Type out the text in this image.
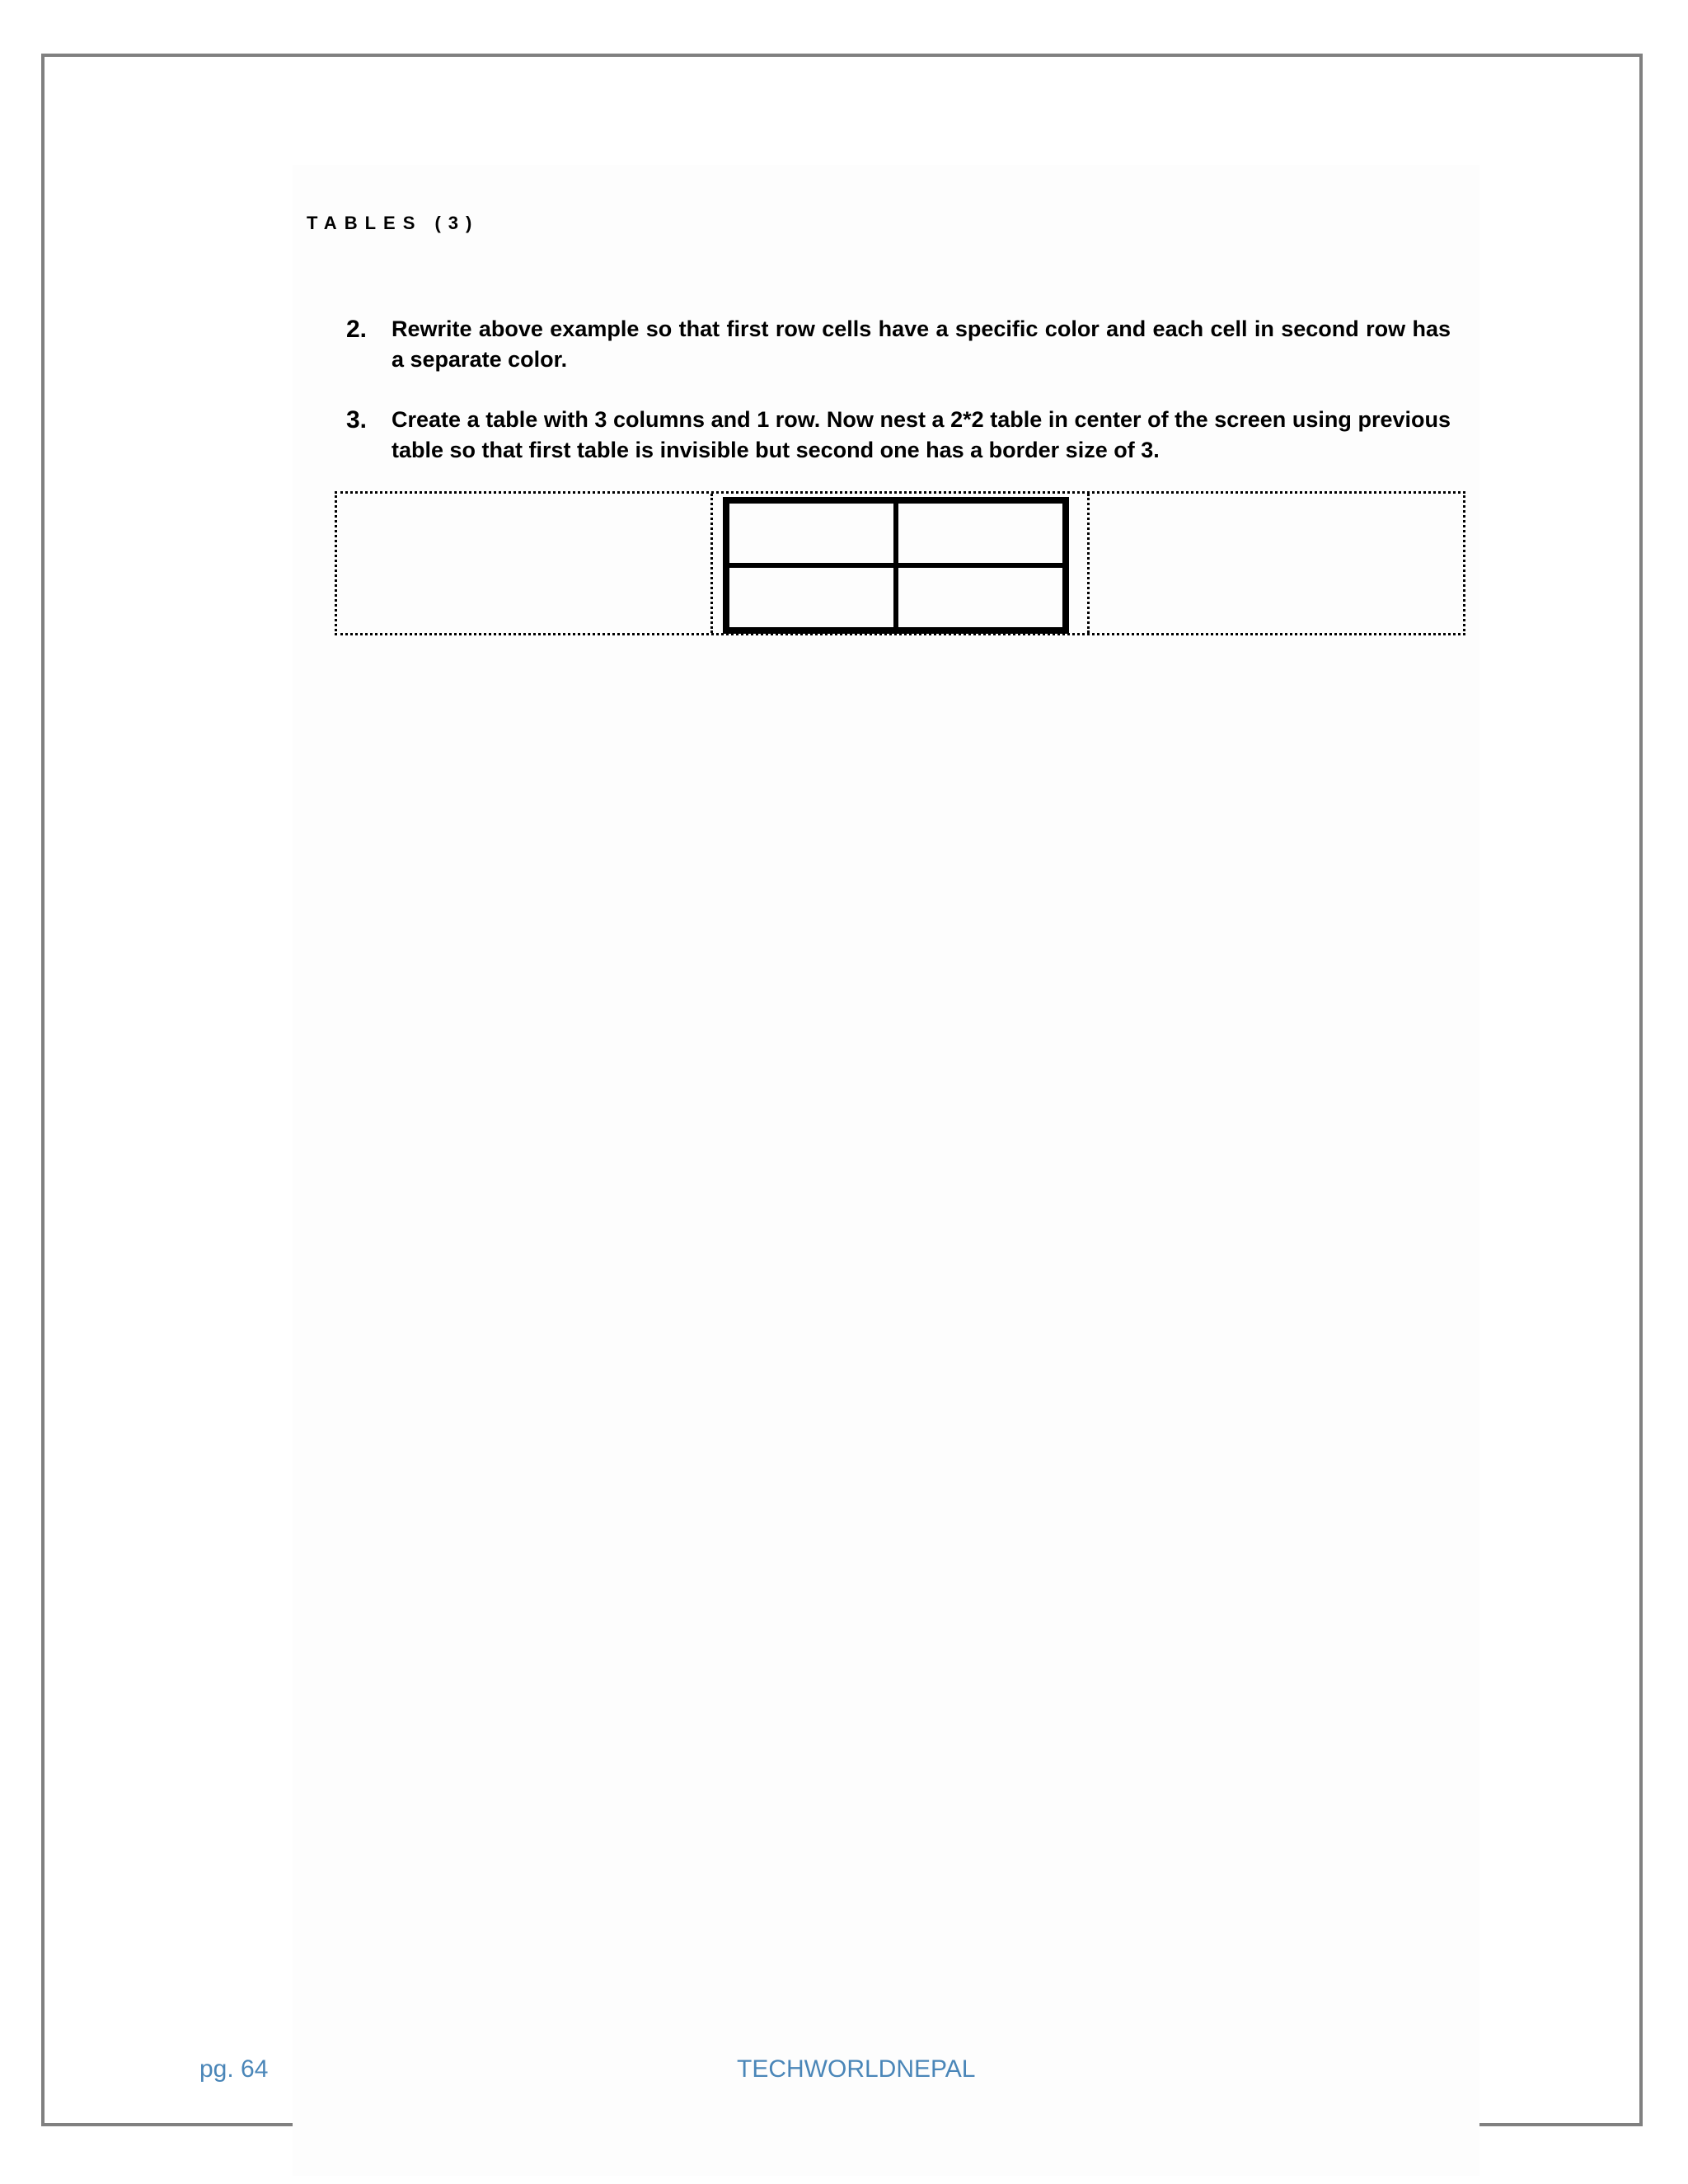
TABLES (3)
2. Rewrite above example so that first row cells have a specific color and each cell in second row has a separate color.
3. Create a table with 3 columns and 1 row. Now nest a 2*2 table in center of the screen using previous table so that first table is invisible but second one has a border size of 3.
pg. 64	TECHWORLDNEPAL
